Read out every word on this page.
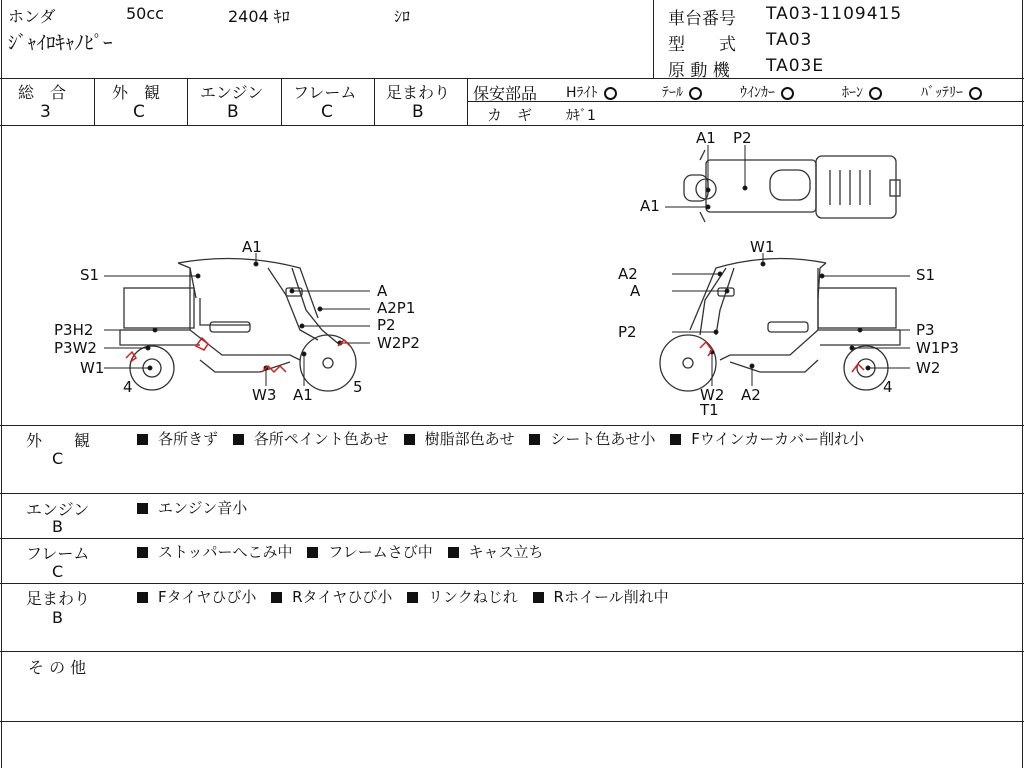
ホンダ	50cc	2404 ｷﾛ	ｼﾛ
ｼﾞｬｲﾛｷｬﾉﾋﾟｰ
車台番号 TA03-1109415
型　　式 TA03
原 動 機 TA03E
総　合
3
外　観
C
エンジン
B
フレーム
C
足まわり
B
保安部品 Hﾗｲﾄ	ﾃｰﾙ	ｳｲﾝｶｰ	ﾎｰﾝ	ﾊﾞｯﾃﾘｰ
カ　ギ ｶｷﾞ1
A1 P2
A1
A1
S1
A
A2P1
P2
P3H2
P3W2	W2P2
W1
4	W3 A1	5
W1
A2	S1
A
P2	P3
W1P3
W2
T1
A2
W2	4
外　　観
C
各所きず 各所ペイント色あせ 樹脂部色あせ シート色あせ小 Fウインカーカバー削れ小
エンジン
B
エンジン音小
フレーム
C
ストッパーへこみ中 フレームさび中 キャス立ち
足まわり
B
Fタイヤひび小 Rタイヤひび小 リンクねじれ Rホイール削れ中
そ の 他
